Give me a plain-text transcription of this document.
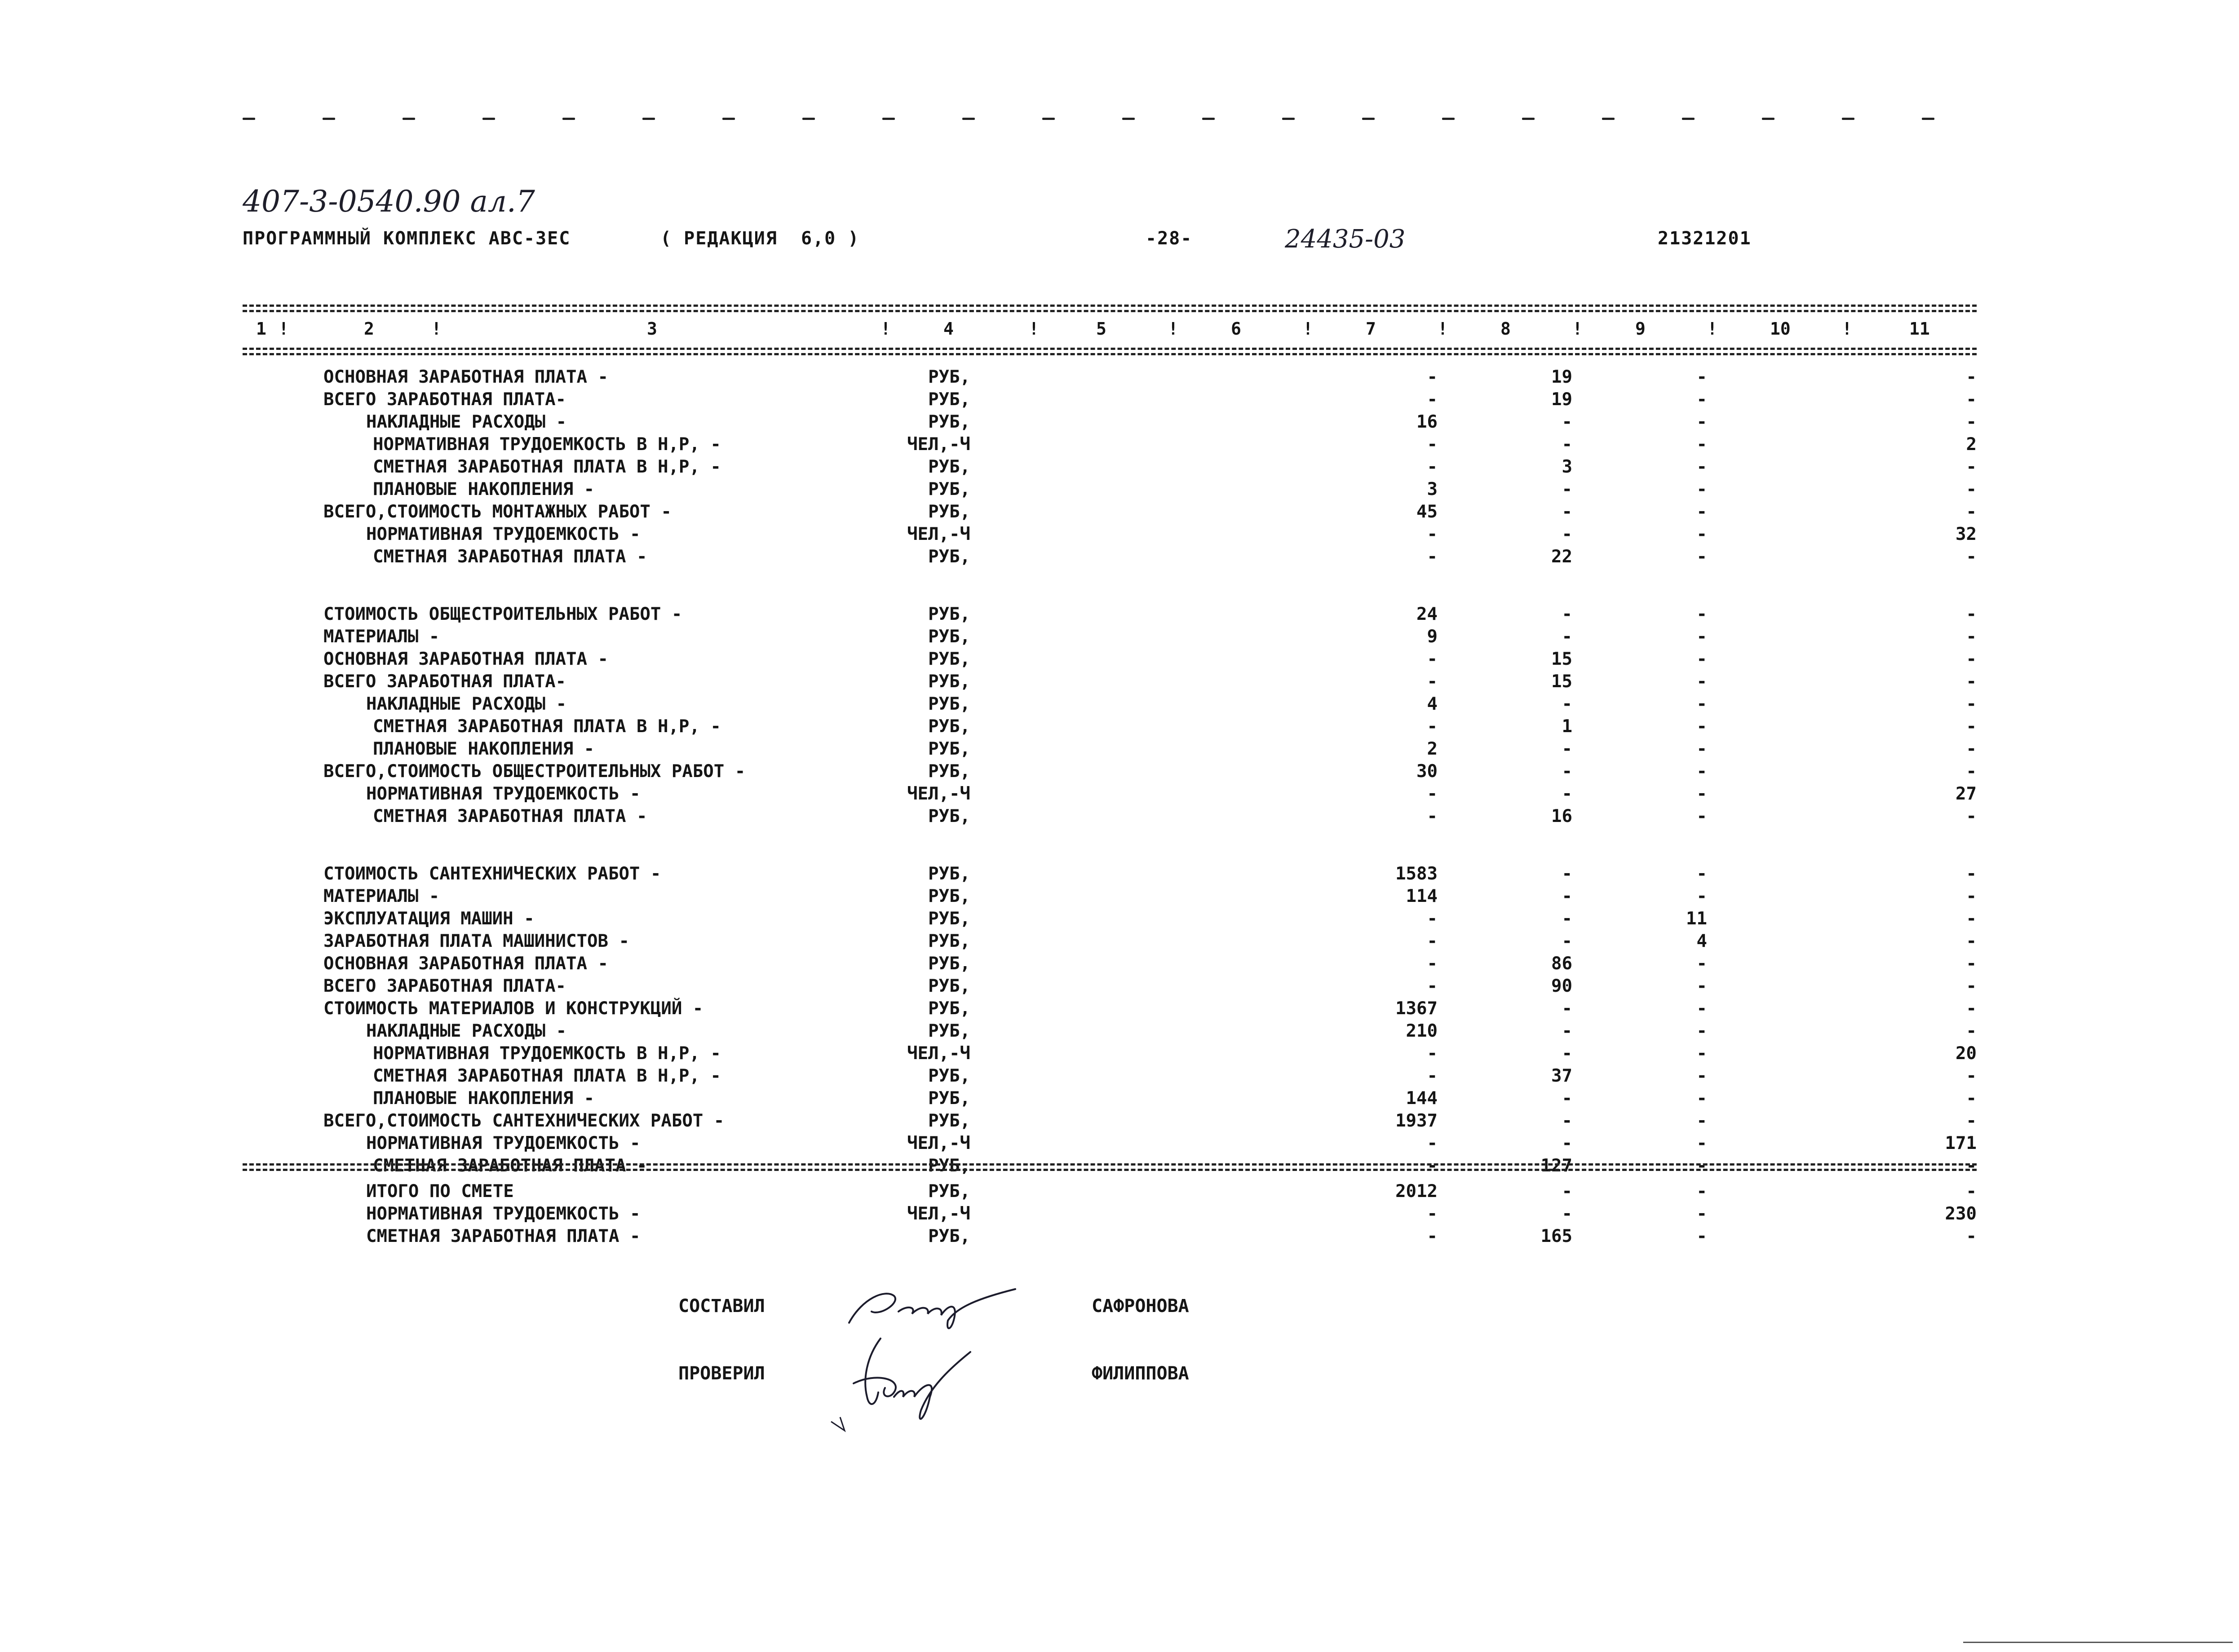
407-3-0540.90 ал.7
ПРОГРАММНЫЙ КОМПЛЕКС АВС-3ЕС	( РЕДАКЦИЯ  6,0 )	-28-	24435-03	21321201
1 !	2	!	3	!	4	!	5	!	6	!	7	!	8	!	9	!	10	!	11
ОСНОВНАЯ ЗАРАБОТНАЯ ПЛАТА -	РУБ,	-	19	-	-
ВСЕГО ЗАРАБОТНАЯ ПЛАТА-	РУБ,	-	19	-	-
НАКЛАДНЫЕ РАСХОДЫ -	РУБ,	16	-	-	-
НОРМАТИВНАЯ ТРУДОЕМКОСТЬ В Н,Р, -	ЧЕЛ,-Ч	-	-	-	2
СМЕТНАЯ ЗАРАБОТНАЯ ПЛАТА В Н,Р, -	РУБ,	-	3	-	-
ПЛАНОВЫЕ НАКОПЛЕНИЯ -	РУБ,	3	-	-	-
ВСЕГО,СТОИМОСТЬ МОНТАЖНЫХ РАБОТ -	РУБ,	45	-	-	-
НОРМАТИВНАЯ ТРУДОЕМКОСТЬ -	ЧЕЛ,-Ч	-	-	-	32
СМЕТНАЯ ЗАРАБОТНАЯ ПЛАТА -	РУБ,	-	22	-	-
СТОИМОСТЬ ОБЩЕСТРОИТЕЛЬНЫХ РАБОТ -	РУБ,	24	-	-	-
МАТЕРИАЛЫ -	РУБ,	9	-	-	-
ОСНОВНАЯ ЗАРАБОТНАЯ ПЛАТА -	РУБ,	-	15	-	-
ВСЕГО ЗАРАБОТНАЯ ПЛАТА-	РУБ,	-	15	-	-
НАКЛАДНЫЕ РАСХОДЫ -	РУБ,	4	-	-	-
СМЕТНАЯ ЗАРАБОТНАЯ ПЛАТА В Н,Р, -	РУБ,	-	1	-	-
ПЛАНОВЫЕ НАКОПЛЕНИЯ -	РУБ,	2	-	-	-
ВСЕГО,СТОИМОСТЬ ОБЩЕСТРОИТЕЛЬНЫХ РАБОТ -	РУБ,	30	-	-	-
НОРМАТИВНАЯ ТРУДОЕМКОСТЬ -	ЧЕЛ,-Ч	-	-	-	27
СМЕТНАЯ ЗАРАБОТНАЯ ПЛАТА -	РУБ,	-	16	-	-
СТОИМОСТЬ САНТЕХНИЧЕСКИХ РАБОТ -	РУБ,	1583	-	-	-
МАТЕРИАЛЫ -	РУБ,	114	-	-	-
ЭКСПЛУАТАЦИЯ МАШИН -	РУБ,	-	-	11	-
ЗАРАБОТНАЯ ПЛАТА МАШИНИСТОВ -	РУБ,	-	-	4	-
ОСНОВНАЯ ЗАРАБОТНАЯ ПЛАТА -	РУБ,	-	86	-	-
ВСЕГО ЗАРАБОТНАЯ ПЛАТА-	РУБ,	-	90	-	-
СТОИМОСТЬ МАТЕРИАЛОВ И КОНСТРУКЦИЙ -	РУБ,	1367	-	-	-
НАКЛАДНЫЕ РАСХОДЫ -	РУБ,	210	-	-	-
НОРМАТИВНАЯ ТРУДОЕМКОСТЬ В Н,Р, -	ЧЕЛ,-Ч	-	-	-	20
СМЕТНАЯ ЗАРАБОТНАЯ ПЛАТА В Н,Р, -	РУБ,	-	37	-	-
ПЛАНОВЫЕ НАКОПЛЕНИЯ -	РУБ,	144	-	-	-
ВСЕГО,СТОИМОСТЬ САНТЕХНИЧЕСКИХ РАБОТ -	РУБ,	1937	-	-	-
НОРМАТИВНАЯ ТРУДОЕМКОСТЬ -	ЧЕЛ,-Ч	-	-	-	171
СМЕТНАЯ ЗАРАБОТНАЯ ПЛАТА -	РУБ,	-	127	-	-
ИТОГО ПО СМЕТЕ	РУБ,	2012	-	-	-
НОРМАТИВНАЯ ТРУДОЕМКОСТЬ -	ЧЕЛ,-Ч	-	-	-	230
СМЕТНАЯ ЗАРАБОТНАЯ ПЛАТА -	РУБ,	-	165	-	-
СОСТАВИЛ	САФРОНОВА
ПРОВЕРИЛ	ФИЛИППОВА
